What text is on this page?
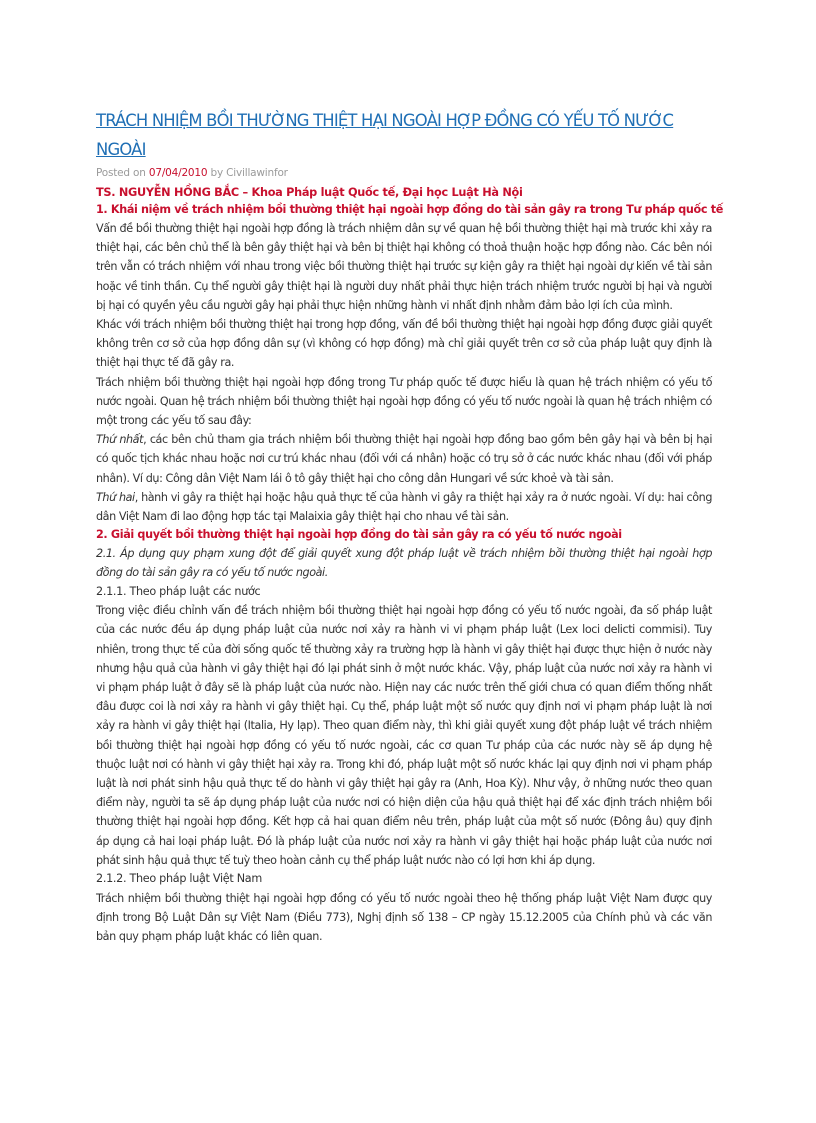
TRÁCH NHIỆM BỒI THƯỜNG THIỆT HẠI NGOÀI HỢP ĐỒNG CÓ YẾU TỐ NƯỚC NGOÀI
Posted on 07/04/2010 by Civillawinfor
TS. NGUYỄN HỒNG BẮC – Khoa Pháp luật Quốc tế, Đại học Luật Hà Nội
1. Khái niệm về trách nhiệm bồi thường thiệt hại ngoài hợp đồng do tài sản gây ra trong Tư pháp quốc tế
Vấn đề bồi thường thiệt hại ngoài hợp đồng là trách nhiệm dân sự về quan hệ bồi thường thiệt hại mà trước khi xảy ra thiệt hại, các bên chủ thể là bên gây thiệt hại và bên bị thiệt hại không có thoả thuận hoặc hợp đồng nào. Các bên nói trên vẫn có trách nhiệm với nhau trong việc bồi thường thiệt hại trước sự kiện gây ra thiệt hại ngoài dự kiến về tài sản hoặc về tinh thần. Cụ thể người gây thiệt hại là người duy nhất phải thực hiện trách nhiệm trước người bị hại và người bị hại có quyền yêu cầu người gây hại phải thực hiện những hành vi nhất định nhằm đảm bảo lợi ích của mình.
Khác với trách nhiệm bồi thường thiệt hại trong hợp đồng, vấn đề bồi thường thiệt hại ngoài hợp đồng được giải quyết không trên cơ sở của hợp đồng dân sự (vì không có hợp đồng) mà chỉ giải quyết trên cơ sở của pháp luật quy định là thiệt hại thực tế đã gây ra.
Trách nhiệm bồi thường thiệt hại ngoài hợp đồng trong Tư pháp quốc tế được hiểu là quan hệ trách nhiệm có yếu tố nước ngoài. Quan hệ trách nhiệm bồi thường thiệt hại ngoài hợp đồng có yếu tố nước ngoài là quan hệ trách nhiệm có một trong các yếu tố sau đây:
Thứ nhất, các bên chủ tham gia trách nhiệm bồi thường thiệt hại ngoài hợp đồng bao gồm bên gây hại và bên bị hại có quốc tịch khác nhau hoặc nơi cư trú khác nhau (đối với cá nhân) hoặc có trụ sở ở các nước khác nhau (đối với pháp nhân). Ví dụ: Công dân Việt Nam lái ô tô gây thiệt hại cho công dân Hungari về sức khoẻ và tài sản.
Thứ hai, hành vi gây ra thiệt hại hoặc hậu quả thực tế của hành vi gây ra thiệt hại xảy ra ở nước ngoài. Ví dụ: hai công dân Việt Nam đi lao động hợp tác tại Malaixia gây thiệt hại cho nhau về tài sản.
2. Giải quyết bồi thường thiệt hại ngoài hợp đồng do tài sản gây ra có yếu tố nước ngoài
2.1. Áp dụng quy phạm xung đột để giải quyết xung đột pháp luật về trách nhiệm bồi thường thiệt hại ngoài hợp đồng do tài sản gây ra có yếu tố nước ngoài.
2.1.1. Theo pháp luật các nước
Trong việc điều chỉnh vấn đề trách nhiệm bồi thường thiệt hại ngoài hợp đồng có yếu tố nước ngoài, đa số pháp luật của các nước đều áp dụng pháp luật của nước nơi xảy ra hành vi vi phạm pháp luật (Lex loci delicti commisi). Tuy nhiên, trong thực tế của đời sống quốc tế thường xảy ra trường hợp là hành vi gây thiệt hại được thực hiện ở nước này nhưng hậu quả của hành vi gây thiệt hại đó lại phát sinh ở một nước khác. Vậy, pháp luật của nước nơi xảy ra hành vi vi phạm pháp luật ở đây sẽ là pháp luật của nước nào. Hiện nay các nước trên thế giới chưa có quan điểm thống nhất đâu được coi là nơi xảy ra hành vi gây thiệt hại. Cụ thể, pháp luật một số nước quy định nơi vi phạm pháp luật là nơi xảy ra hành vi gây thiệt hại (Italia, Hy lạp). Theo quan điểm này, thì khi giải quyết xung đột pháp luật về trách nhiệm bồi thường thiệt hại ngoài hợp đồng có yếu tố nước ngoài, các cơ quan Tư pháp của các nước này sẽ áp dụng hệ thuộc luật nơi có hành vi gây thiệt hại xảy ra. Trong khi đó, pháp luật một số nước khác lại quy định nơi vi phạm pháp luật là nơi phát sinh hậu quả thực tế do hành vi gây thiệt hại gây ra (Anh, Hoa Kỳ). Như vậy, ở những nước theo quan điểm này, người ta sẽ áp dụng pháp luật của nước nơi có hiện diện của hậu quả thiệt hại để xác định trách nhiệm bồi thường thiệt hại ngoài hợp đồng. Kết hợp cả hai quan điểm nêu trên, pháp luật của một số nước (Đông âu) quy định áp dụng cả hai loại pháp luật. Đó là pháp luật của nước nơi xảy ra hành vi gây thiệt hại hoặc pháp luật của nước nơi phát sinh hậu quả thực tế tuỳ theo hoàn cảnh cụ thể pháp luật nước nào có lợi hơn khi áp dụng.
2.1.2. Theo pháp luật Việt Nam
Trách nhiệm bồi thường thiệt hại ngoài hợp đồng có yếu tố nước ngoài theo hệ thống pháp luật Việt Nam được quy định trong Bộ Luật Dân sự Việt Nam (Điều 773), Nghị định số 138 – CP ngày 15.12.2005 của Chính phủ và các văn bản quy phạm pháp luật khác có liên quan.
